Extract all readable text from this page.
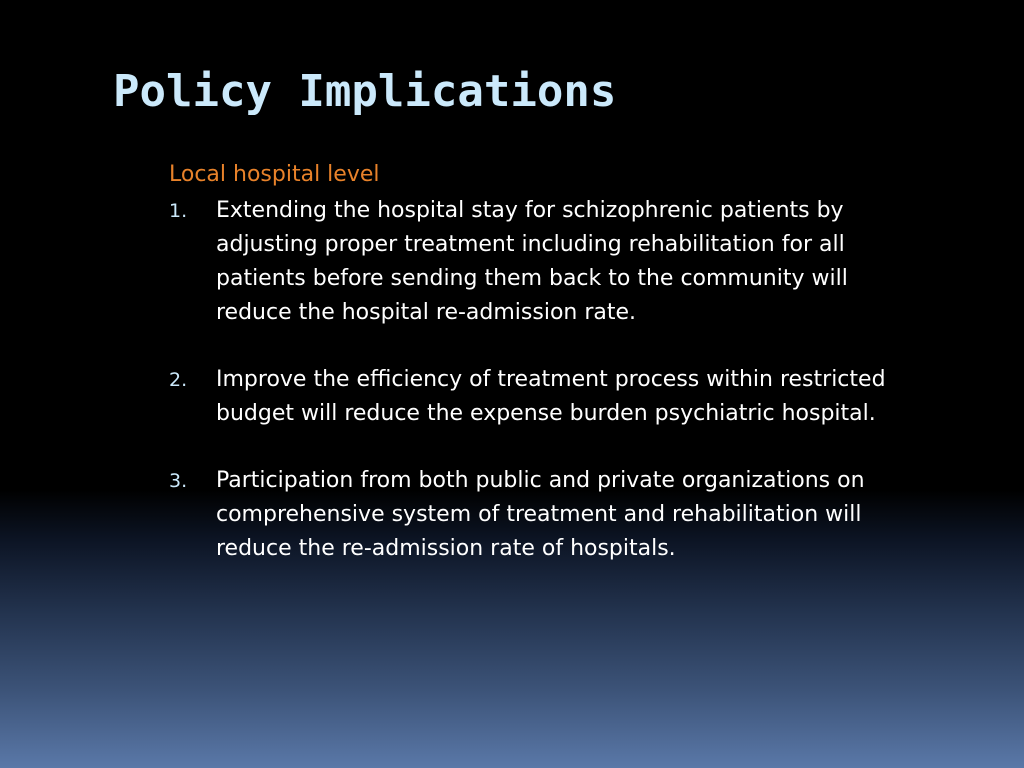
Policy Implications
Local hospital level
1. Extending the hospital stay for schizophrenic patients by adjusting proper treatment including rehabilitation for all patients before sending them back to the community will reduce the hospital re-admission rate.
2. Improve the efficiency of treatment process within restricted budget will reduce the expense burden psychiatric hospital.
3. Participation from both public and private organizations on comprehensive system of treatment and rehabilitation will reduce the re-admission rate of hospitals.
